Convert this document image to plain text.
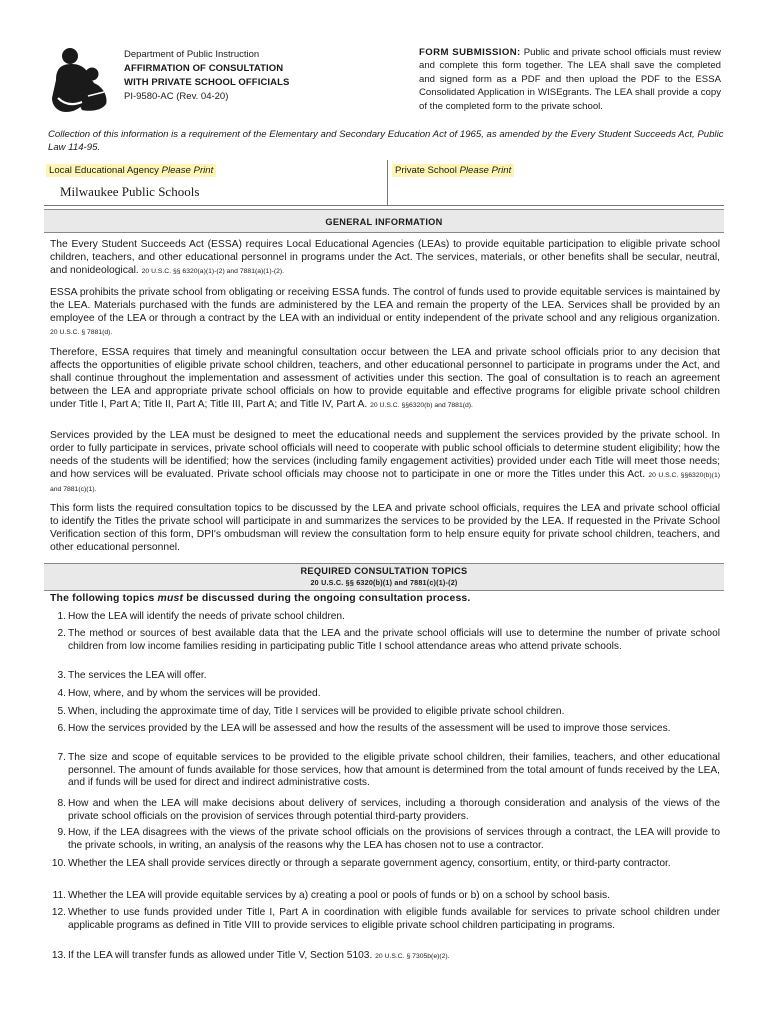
Department of Public Instruction
AFFIRMATION OF CONSULTATION
WITH PRIVATE SCHOOL OFFICIALS
PI-9580-AC (Rev. 04-20)
FORM SUBMISSION: Public and private school officials must review and complete this form together. The LEA shall save the completed and signed form as a PDF and then upload the PDF to the ESSA Consolidated Application in WISEgrants. The LEA shall provide a copy of the completed form to the private school.
Collection of this information is a requirement of the Elementary and Secondary Education Act of 1965, as amended by the Every Student Succeeds Act, Public Law 114-95.
Local Educational Agency Please Print
Milwaukee Public Schools
Private School Please Print
GENERAL INFORMATION
The Every Student Succeeds Act (ESSA) requires Local Educational Agencies (LEAs) to provide equitable participation to eligible private school children, teachers, and other educational personnel in programs under the Act. The services, materials, or other benefits shall be secular, neutral, and nonideological. 20 U.S.C. §§ 6320(a)(1)-(2) and 7881(a)(1)-(2).
ESSA prohibits the private school from obligating or receiving ESSA funds. The control of funds used to provide equitable services is maintained by the LEA. Materials purchased with the funds are administered by the LEA and remain the property of the LEA. Services shall be provided by an employee of the LEA or through a contract by the LEA with an individual or entity independent of the private school and any religious organization. 20 U.S.C. § 7881(d).
Therefore, ESSA requires that timely and meaningful consultation occur between the LEA and private school officials prior to any decision that affects the opportunities of eligible private school children, teachers, and other educational personnel to participate in programs under the Act, and shall continue throughout the implementation and assessment of activities under this section. The goal of consultation is to reach an agreement between the LEA and appropriate private school officials on how to provide equitable and effective programs for eligible private school children under Title I, Part A; Title II, Part A; Title III, Part A; and Title IV, Part A. 20 U.S.C. §§6320(b) and 7881(d).
Services provided by the LEA must be designed to meet the educational needs and supplement the services provided by the private school. In order to fully participate in services, private school officials will need to cooperate with public school officials to determine student eligibility; how the needs of the students will be identified; how the services (including family engagement activities) provided under each Title will meet those needs; and how services will be evaluated. Private school officials may choose not to participate in one or more the Titles under this Act. 20 U.S.C. §§6320(b)(1) and 7881(c)(1).
This form lists the required consultation topics to be discussed by the LEA and private school officials, requires the LEA and private school official to identify the Titles the private school will participate in and summarizes the services to be provided by the LEA. If requested in the Private School Verification section of this form, DPI's ombudsman will review the consultation form to help ensure equity for private school children, teachers, and other educational personnel.
REQUIRED CONSULTATION TOPICS
20 U.S.C. §§ 6320(b)(1) and 7881(c)(1)-(2)
The following topics must be discussed during the ongoing consultation process.
1. How the LEA will identify the needs of private school children.
2. The method or sources of best available data that the LEA and the private school officials will use to determine the number of private school children from low income families residing in participating public Title I school attendance areas who attend private schools.
3. The services the LEA will offer.
4. How, where, and by whom the services will be provided.
5. When, including the approximate time of day, Title I services will be provided to eligible private school children.
6. How the services provided by the LEA will be assessed and how the results of the assessment will be used to improve those services.
7. The size and scope of equitable services to be provided to the eligible private school children, their families, teachers, and other educational personnel. The amount of funds available for those services, how that amount is determined from the total amount of funds received by the LEA, and if funds will be used for direct and indirect administrative costs.
8. How and when the LEA will make decisions about delivery of services, including a thorough consideration and analysis of the views of the private school officials on the provision of services through potential third-party providers.
9. How, if the LEA disagrees with the views of the private school officials on the provisions of services through a contract, the LEA will provide to the private schools, in writing, an analysis of the reasons why the LEA has chosen not to use a contractor.
10. Whether the LEA shall provide services directly or through a separate government agency, consortium, entity, or third-party contractor.
11. Whether the LEA will provide equitable services by a) creating a pool or pools of funds or b) on a school by school basis.
12. Whether to use funds provided under Title I, Part A in coordination with eligible funds available for services to private school children under applicable programs as defined in Title VIII to provide services to eligible private school children participating in programs.
13. If the LEA will transfer funds as allowed under Title V, Section 5103. 20 U.S.C. § 7305b(e)(2).
